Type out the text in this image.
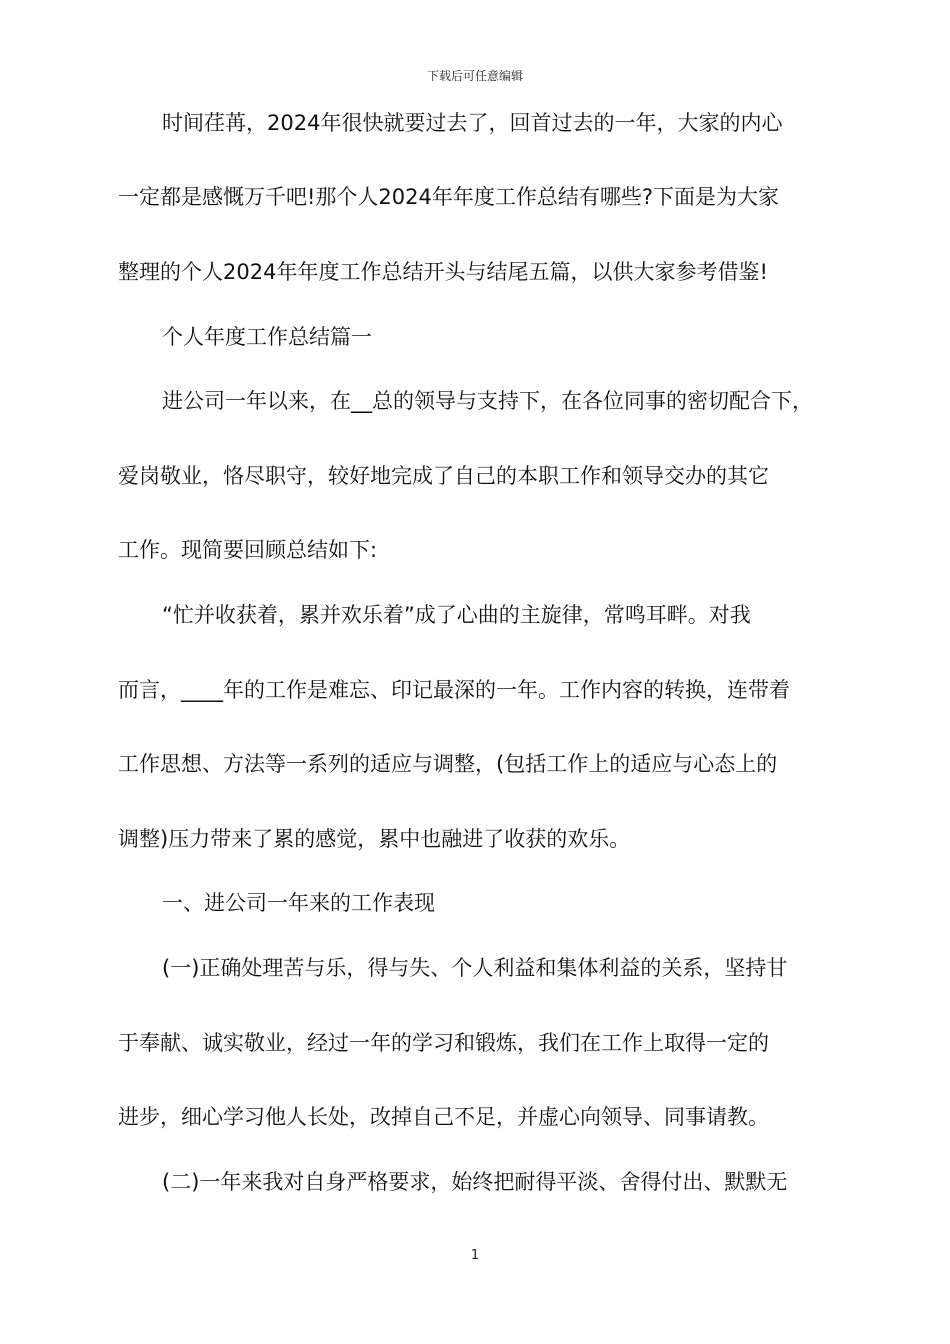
下载后可任意编辑
时间荏苒，2024年很快就要过去了，回首过去的一年，大家的内心
一定都是感慨万千吧!那个人2024年年度工作总结有哪些?下面是为大家
整理的个人2024年年度工作总结开头与结尾五篇，以供大家参考借鉴!
个人年度工作总结篇一
进公司一年以来，在__总的领导与支持下，在各位同事的密切配合下，
爱岗敬业，恪尽职守，较好地完成了自己的本职工作和领导交办的其它
工作。现简要回顾总结如下:
“忙并收获着，累并欢乐着”成了心曲的主旋律，常鸣耳畔。对我
而言，____年的工作是难忘、印记最深的一年。工作内容的转换，连带着
工作思想、方法等一系列的适应与调整，(包括工作上的适应与心态上的
调整)压力带来了累的感觉，累中也融进了收获的欢乐。
一、进公司一年来的工作表现
(一)正确处理苦与乐，得与失、个人利益和集体利益的关系，坚持甘
于奉献、诚实敬业，经过一年的学习和锻炼，我们在工作上取得一定的
进步，细心学习他人长处，改掉自己不足，并虚心向领导、同事请教。
(二)一年来我对自身严格要求，始终把耐得平淡、舍得付出、默默无
1
